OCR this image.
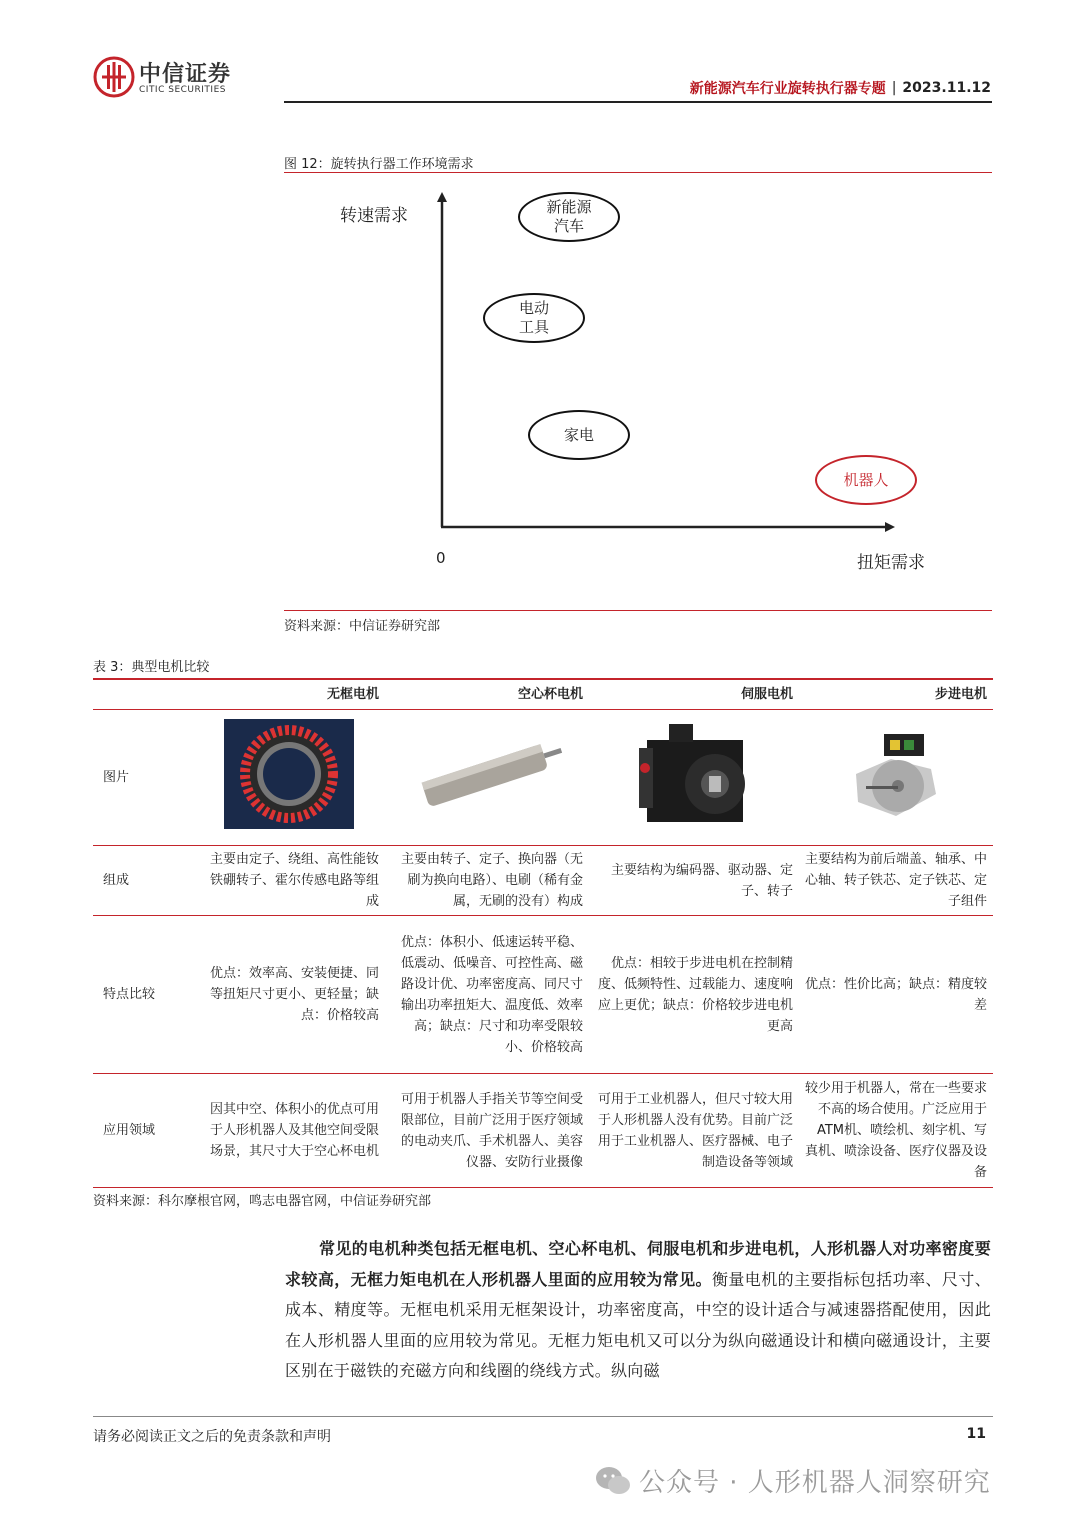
中信证券
CITIC SECURITIES	新能源汽车行业旋转执行器专题 | 2023.11.12
图 12：旋转执行器工作环境需求
转速需求
0	扭矩需求
新能源
汽车
电动
工具
家电
机器人
资料来源：中信证券研究部
表 3：典型电机比较
	无框电机	空心杯电机	伺服电机	步进电机
图片				
组成	主要由定子、绕组、高性能钕铁硼转子、霍尔传感电路等组成	主要由转子、定子、换向器（无刷为换向电路）、电刷（稀有金属，无刷的没有）构成	主要结构为编码器、驱动器、定子、转子	主要结构为前后端盖、轴承、中心轴、转子铁芯、定子铁芯、定子组件
特点比较	优点：效率高、安装便捷、同等扭矩尺寸更小、更轻量；缺点：价格较高	优点：体积小、低速运转平稳、低震动、低噪音、可控性高、磁路设计优、功率密度高、同尺寸输出功率扭矩大、温度低、效率高；缺点：尺寸和功率受限较小、价格较高	优点：相较于步进电机在控制精度、低频特性、过载能力、速度响应上更优；缺点：价格较步进电机更高	优点：性价比高；缺点：精度较差
应用领域	因其中空、体积小的优点可用于人形机器人及其他空间受限场景，其尺寸大于空心杯电机	可用于机器人手指关节等空间受限部位，目前广泛用于医疗领域的电动夹爪、手术机器人、美容仪器、安防行业摄像	可用于工业机器人，但尺寸较大用于人形机器人没有优势。目前广泛用于工业机器人、医疗器械、电子制造设备等领域	较少用于机器人，常在一些要求不高的场合使用。广泛应用于ATM机、喷绘机、刻字机、写真机、喷涂设备、医疗仪器及设备
资料来源：科尔摩根官网，鸣志电器官网，中信证券研究部
常见的电机种类包括无框电机、空心杯电机、伺服电机和步进电机，人形机器人对功率密度要求较高，无框力矩电机在人形机器人里面的应用较为常见。衡量电机的主要指标包括功率、尺寸、成本、精度等。无框电机采用无框架设计，功率密度高，中空的设计适合与减速器搭配使用，因此在人形机器人里面的应用较为常见。无框力矩电机又可以分为纵向磁通设计和横向磁通设计，主要区别在于磁铁的充磁方向和线圈的绕线方式。纵向磁
请务必阅读正文之后的免责条款和声明	11
公众号 · 人形机器人洞察研究
